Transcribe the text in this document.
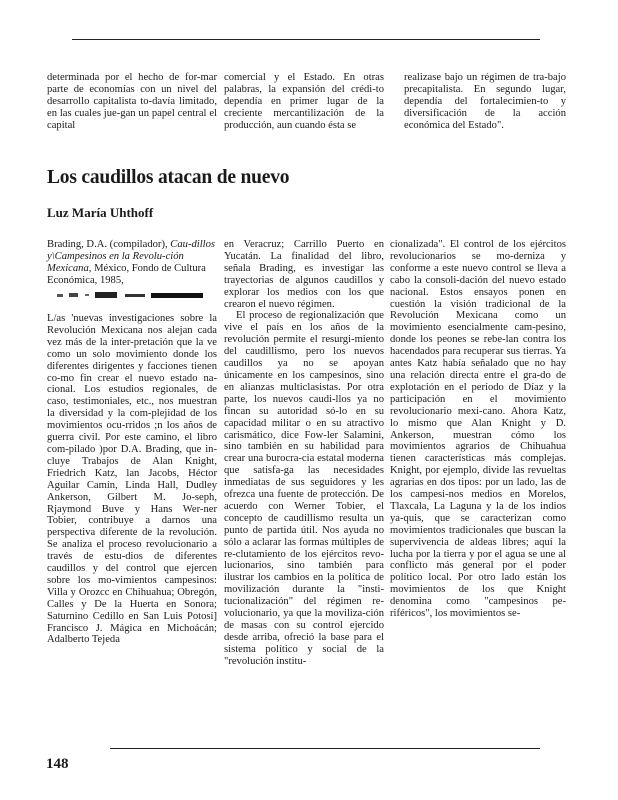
determinada por el hecho de for-mar parte de economías con un nivel del desarrollo capitalista to-davía limitado, en las cuales jue-gan un papel central el capital
comercial y el Estado. En otras palabras, la expansión del crédi-to dependía en primer lugar de la creciente mercantilización de la producción, aun cuando ésta se
realizase bajo un régimen de tra-bajo precapitalista. En segundo lugar, dependía del fortalecimien-to y diversificación de la acción económica del Estado".
Los caudillos atacan de nuevo
Luz María Uhthoff
Brading, D.A. (compilador), Cau-dillos y\Campesinos en la Revolu-ción Mexicana, México, Fondo de Cultura Económica, 1985,
L/as 'nuevas investigaciones sobre la Revolución Mexicana nos alejan cada vez más de la inter-pretación que la ve como un solo movimiento donde los diferentes dirigentes y facciones tienen co-mo fin crear el nuevo estado na-cional. Los estudios regionales, de caso, testimoniales, etc., nos muestran la diversidad y la com-plejidad de los movimientos ocu-rridos ;n los años de guerra civil. Por este camino, el libro com-pilado )por D.A. Brading, que in-cluye Trabajos de Alan Knight, Friedrich Katz, lan Jacobs, Héctor Aguilar Camín, Linda Hall, Dudley Ankerson, Gilbert M. Jo-seph, Rjaymond Buve y Hans Wer-ner Tobier, contribuye a darnos una perspectiva diferente de la revolución. Se analiza el proceso revolucionario a través de estu-dios de diferentes caudillos y del control que ejercen sobre los mo-vimientos campesinos: Villa y Orozcc en Chihuahua; Obregón, Calles y De la Huerta en Sonora; Saturnino Cedillo en San Luis Potosí] Francisco J. Mágica en Michoácán; Adalberto Tejeda

en Veracruz; Carrillo Puerto en Yucatán. La finalidad del libro, señala Brading, es investigar las trayectorias de algunos caudillos y explorar los medios con los que crearon el nuevo régimen.

El proceso de regionalización que vive el país en los años de la revolución permite el resurgi-miento del caudillismo, pero los nuevos caudillos ya no se apoyan únicamente en los campesinos, sino en alianzas multiclasistas. Por otra parte, los nuevos caudi-llos ya no fincan su autoridad só-lo en su capacidad militar o en su atractivo carismático, dice Fow-ler Salamini, sino también en su habilidad para crear una burocra-cia estatal moderna que satisfa-ga las necesidades inmediatas de sus seguidores y les ofrezca una fuente de protección. De acuerdo con Werner Tobier, el concepto de caudillismo resulta un punto de partida útil. Nos ayuda no sólo a aclarar las formas múltiples de re-clutamiento de los ejércitos revo-lucionarios, sino también para ilustrar los cambios en la política de movilización durante la "insti-tucionalización" del régimen re-volucionario, ya que la moviliza-ción de masas con su control ejercido desde arriba, ofreció la base para el sistema político y social de la "revolución institu-

cionalizada". El control de los ejércitos revolucionarios se mo-derniza y conforme a este nuevo control se lleva a cabo la consoli-dación del nuevo estado nacional. Estos ensayos ponen en cuestión la visión tradicional de la Revolución Mexicana como un movimiento esencialmente cam-pesino, donde los peones se rebe-lan contra los hacendados para recuperar sus tierras. Ya antes Katz había señalado que no hay una relación directa entre el gra-do de explotación en el período de Díaz y la participación en el movimiento revolucionario mexi-cano. Ahora Katz, lo mismo que Alan Knight y D. Ankerson, muestran cómo los movimientos agrarios de Chihuahua tienen características más complejas. Knight, por ejemplo, divide las revueltas agrarias en dos tipos: por un lado, las de los campesi-nos medios en Morelos, Tlaxcala, La Laguna y la de los indios ya-quis, que se caracterizan como movimientos tradicionales que buscan la supervivencia de aldeas libres; aquí la lucha por la tierra y por el agua se une al conflicto más general por el poder político local. Por otro lado están los movimientos de los que Knight denomina como "campesinos pe-riféricos", los movimientos se-

148
